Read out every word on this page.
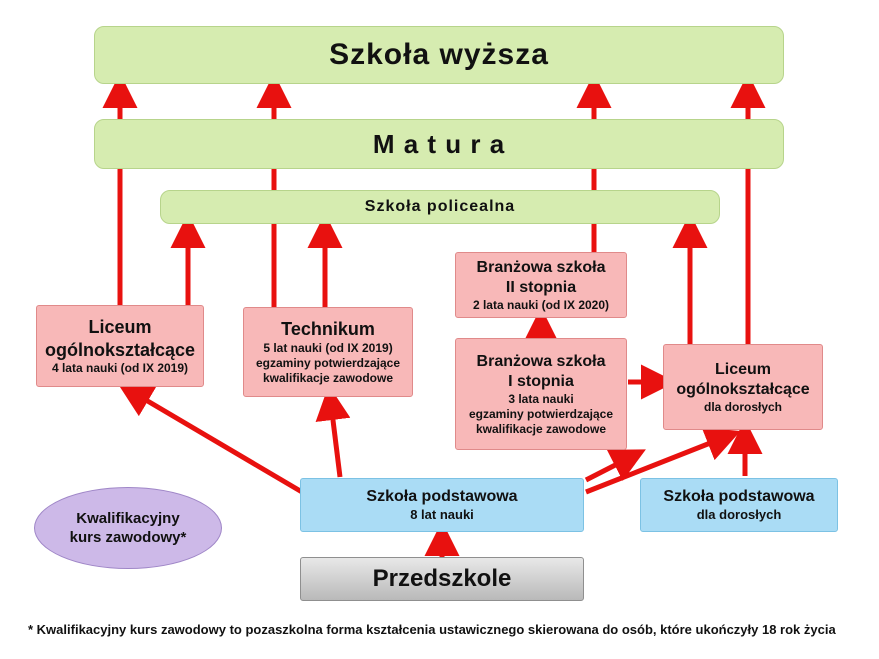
Szkoła wyższa
M a t u r a
Szkoła policealna
Liceum
ogólnokształcące
4 lata nauki (od IX 2019)
Technikum
5 lat nauki (od IX 2019)
egzaminy potwierdzające
kwalifikacje zawodowe
Branżowa szkoła
II stopnia
2 lata nauki (od IX 2020)
Branżowa szkoła
I stopnia
3 lata nauki
egzaminy potwierdzające
kwalifikacje zawodowe
Liceum
ogólnokształcące
dla dorosłych
Szkoła podstawowa
8 lat nauki
Szkoła podstawowa
dla dorosłych
Przedszkole
Kwalifikacyjny
kurs zawodowy*
* Kwalifikacyjny kurs zawodowy to pozaszkolna forma kształcenia ustawicznego skierowana do osób, które ukończyły 18 rok życia
